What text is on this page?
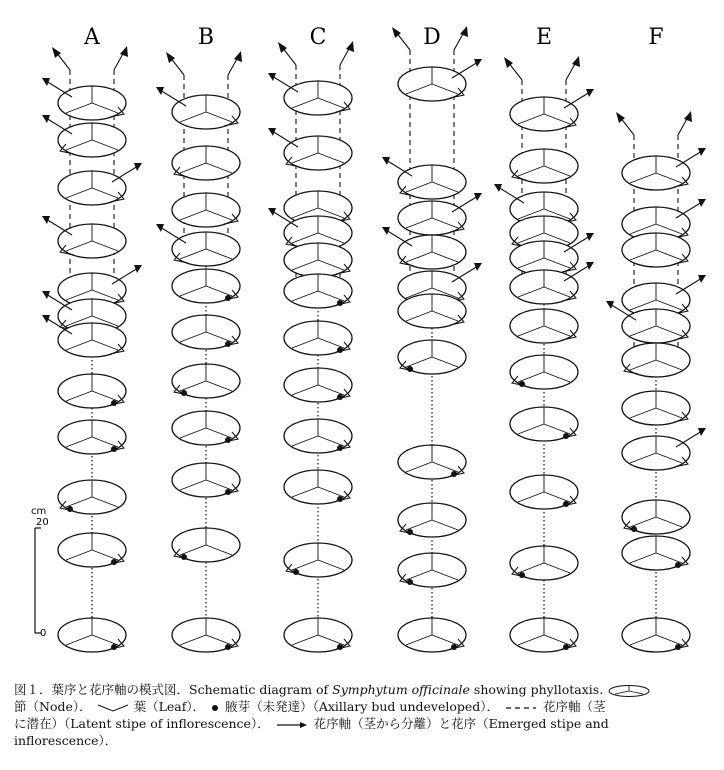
A	B	C	D	E	F
cm
20
0
図１．葉序と花序軸の模式図．Schematic diagram of Symphytum officinale showing phyllotaxis.
節（Node）．	葉（Leaf）． 腋芽（未発達）（Axillary bud undeveloped）．	花序軸（茎
に潜在）（Latent stipe of inflorescence）．	花序軸（茎から分離）と花序（Emerged stipe and
inflorescence）．
